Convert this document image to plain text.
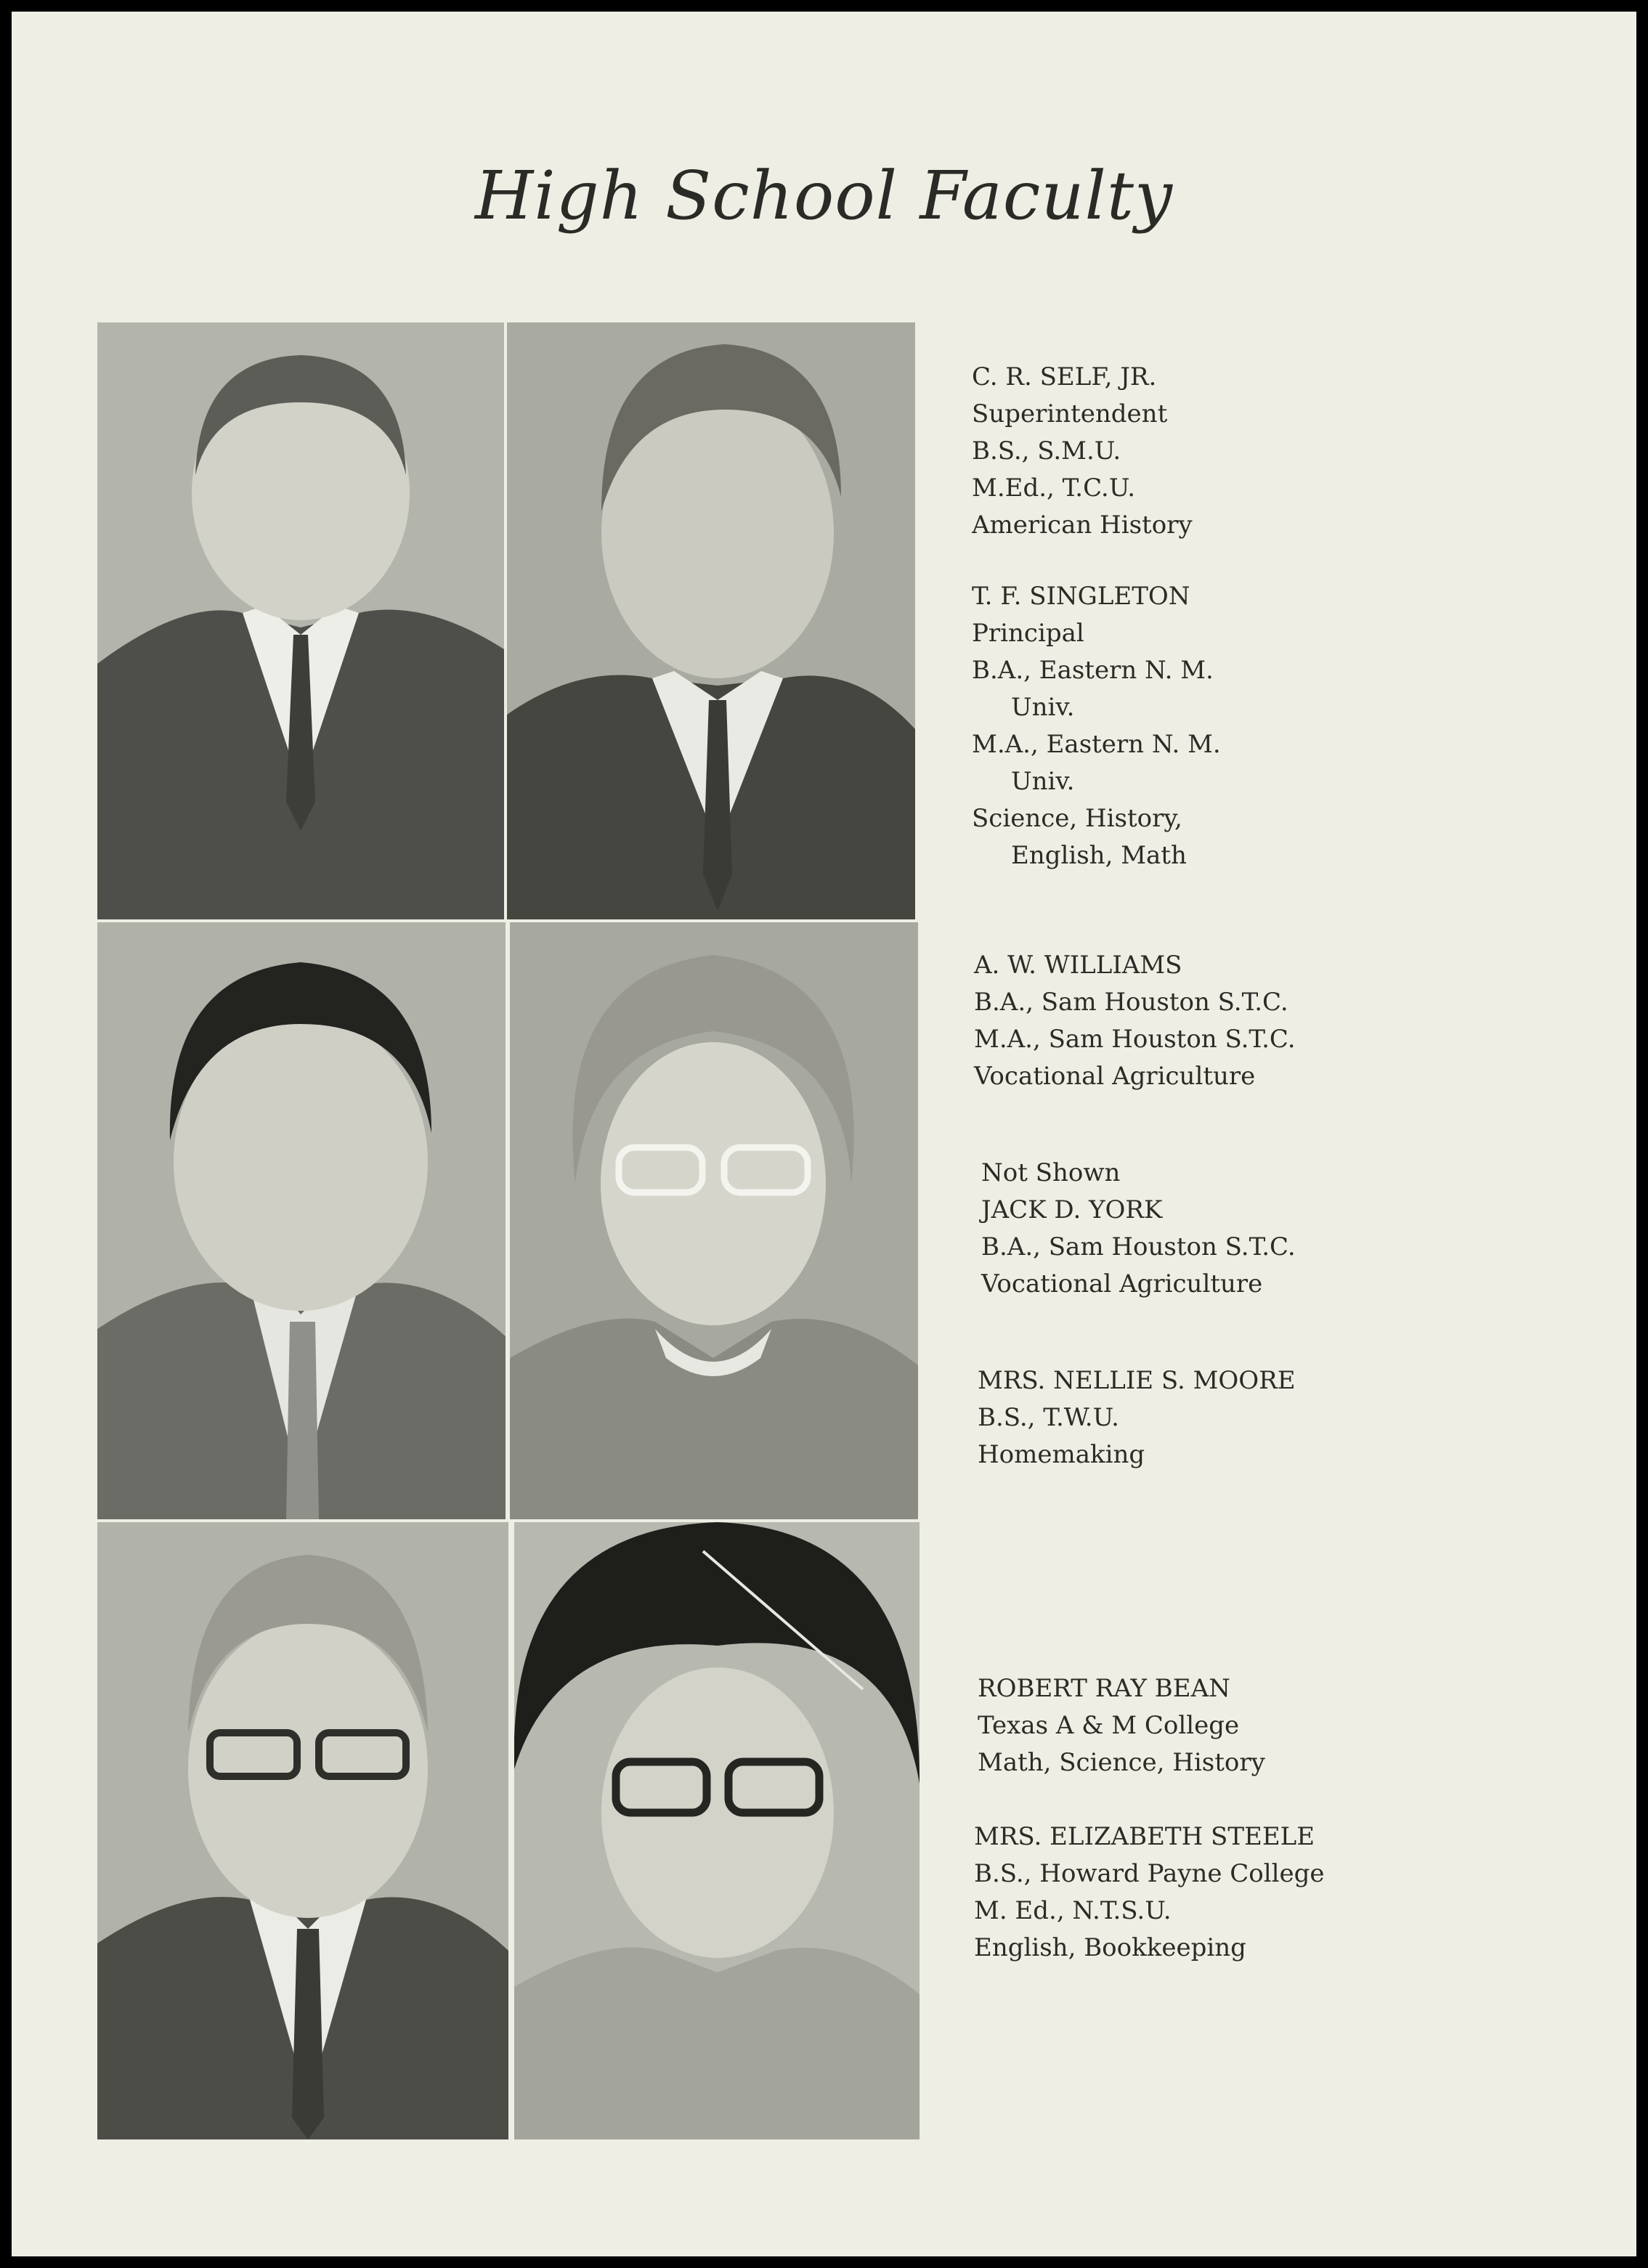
High School Faculty
C. R. SELF, JR.
Superintendent
B.S., S.M.U.
M.Ed., T.C.U.
American History
T. F. SINGLETON
Principal
B.A., Eastern N. M.
Univ.
M.A., Eastern N. M.
Univ.
Science, History,
English, Math
A. W. WILLIAMS
B.A., Sam Houston S.T.C.
M.A., Sam Houston S.T.C.
Vocational Agriculture
Not Shown
JACK D. YORK
B.A., Sam Houston S.T.C.
Vocational Agriculture
MRS. NELLIE S. MOORE
B.S., T.W.U.
Homemaking
ROBERT RAY BEAN
Texas A & M College
Math, Science, History
MRS. ELIZABETH STEELE
B.S., Howard Payne College
M. Ed., N.T.S.U.
English, Bookkeeping
